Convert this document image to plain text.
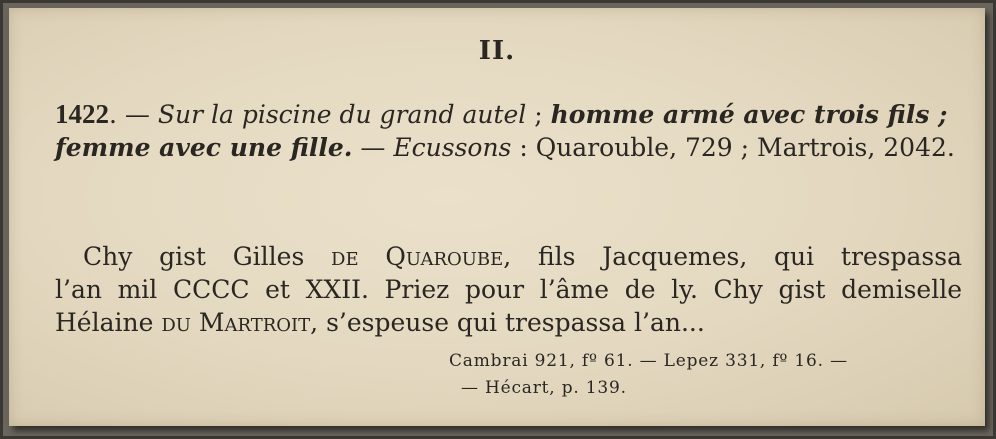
II.
1422. — Sur la piscine du grand autel ; homme armé avec trois fils ; femme avec une fille. — Ecussons : Quarouble, 729 ; Martrois, 2042.
Chy gist Gilles de Quaroube, fils Jacquemes, qui trespassa
l’an mil CCCC et XXII. Priez pour l’âme de ly. Chy gist demiselle
Hélaine du Martroit, s’espeuse qui trespassa l’an...
Cambrai 921, fº 61. — Lepez 331, fº 16. —
— Hécart, p. 139.
